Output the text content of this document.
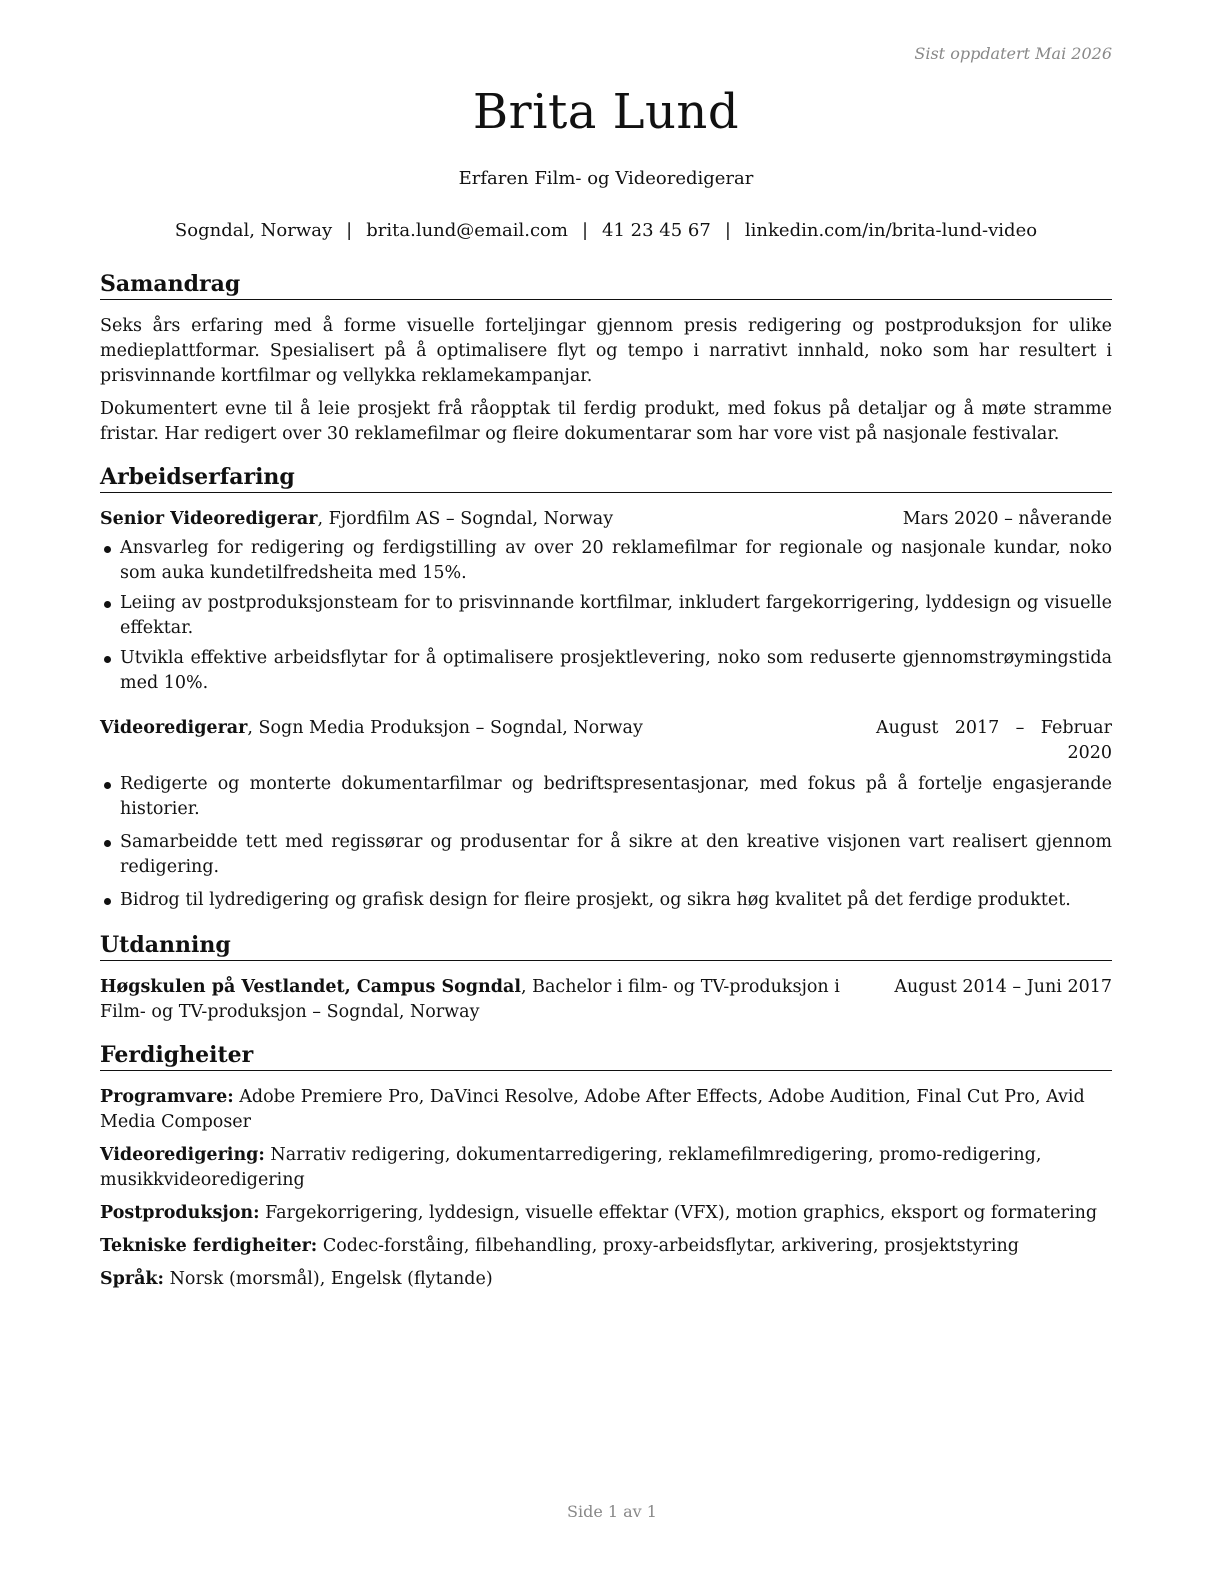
Sist oppdatert Mai 2026
Brita Lund
Erfaren Film- og Videoredigerar
Sogndal, Norway | brita.lund@email.com | 41 23 45 67 | linkedin.com/in/brita-lund-video
Samandrag

Seks års erfaring med å forme visuelle forteljingar gjennom presis redigering og postproduksjon for ulike medieplattformar. Spesialisert på å optimalisere flyt og tempo i narrativt innhald, noko som har resultert i prisvinnande kortfilmar og vellykka reklamekampanjar.

Dokumentert evne til å leie prosjekt frå råopptak til ferdig produkt, med fokus på detaljar og å møte stramme fristar. Har redigert over 30 reklamefilmar og fleire dokumentarar som har vore vist på nasjonale festivalar.

Arbeidserfaring
Senior Videoredigerar, Fjordfilm AS – Sogndal, Norway	Mars 2020 – nåverande
Ansvarleg for redigering og ferdigstilling av over 20 reklamefilmar for regionale og nasjonale kundar, noko som auka kundetilfredsheita med 15%.
Leiing av postproduksjonsteam for to prisvinnande kortfilmar, inkludert fargekorrigering, lyddesign og visuelle effektar.
Utvikla effektive arbeidsflytar for å optimalisere prosjektlevering, noko som reduserte gjennomstrøymingstida med 10%.
Videoredigerar, Sogn Media Produksjon – Sogndal, Norway	August 2017 – Februar 2020
Redigerte og monterte dokumentarfilmar og bedriftspresentasjonar, med fokus på å fortelje engasjerande historier.
Samarbeidde tett med regissørar og produsentar for å sikre at den kreative visjonen vart realisert gjennom redigering.
Bidrog til lydredigering og grafisk design for fleire prosjekt, og sikra høg kvalitet på det ferdige produktet.
Utdanning
Høgskulen på Vestlandet, Campus Sogndal, Bachelor i film- og TV-produksjon i Film- og TV-produksjon – Sogndal, Norway
August 2014 – Juni 2017
Ferdigheiter
Programvare: Adobe Premiere Pro, DaVinci Resolve, Adobe After Effects, Adobe Audition, Final Cut Pro, Avid Media Composer
Videoredigering: Narrativ redigering, dokumentarredigering, reklamefilmredigering, promo-redigering, musikkvideoredigering
Postproduksjon: Fargekorrigering, lyddesign, visuelle effektar (VFX), motion graphics, eksport og formatering
Tekniske ferdigheiter: Codec-forståing, filbehandling, proxy-arbeidsflytar, arkivering, prosjektstyring
Språk: Norsk (morsmål), Engelsk (flytande)
Side 1 av 1
